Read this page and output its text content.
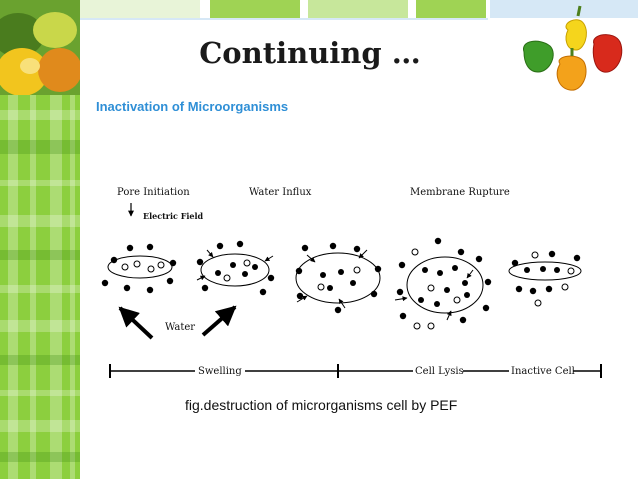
Continuing …
Inactivation of Microorganisms
Pore Initiation	Water Influx	Membrane Rupture
Electric Field
Water
Swelling	Cell Lysis	Inactive Cell
fig.destruction of microrganisms cell by PEF
